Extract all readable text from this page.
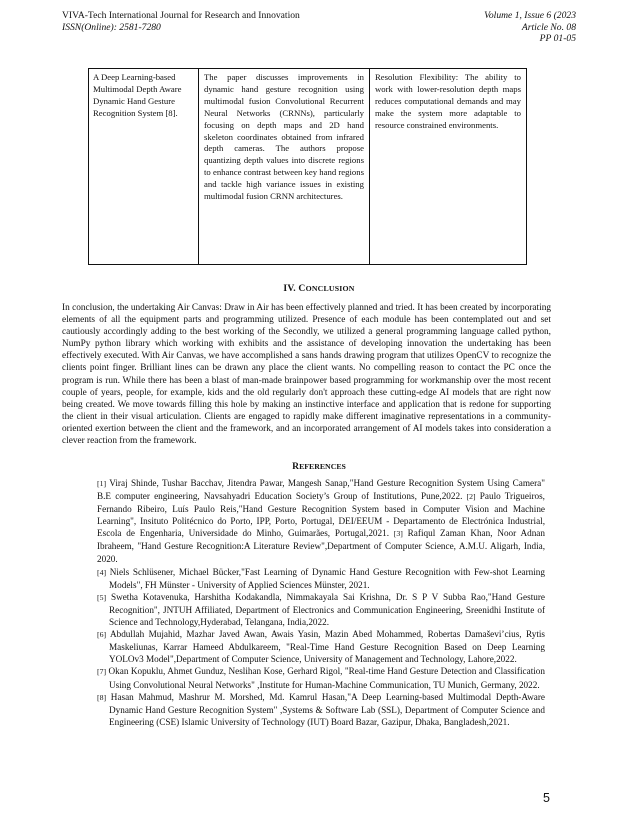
VIVA-Tech International Journal for Research and Innovation
ISSN(Online): 2581-7280
Volume 1, Issue 6 (2023
Article No. 08
PP 01-05
A Deep Learning-based Multimodal Depth Aware Dynamic Hand Gesture Recognition System [8].	The paper discusses improvements in dynamic hand gesture recognition using multimodal fusion Convolutional Recurrent Neural Networks (CRNNs), particularly focusing on depth maps and 2D hand skeleton coordinates obtained from infrared depth cameras. The authors propose quantizing depth values into discrete regions to enhance contrast between key hand regions and tackle high variance issues in existing multimodal fusion CRNN architectures.	Resolution Flexibility: The ability to work with lower-resolution depth maps reduces computational demands and may make the system more adaptable to resource constrained environments.
IV. CONCLUSION
In conclusion, the undertaking Air Canvas: Draw in Air has been effectively planned and tried. It has been created by incorporating elements of all the equipment parts and programming utilized. Presence of each module has been contemplated out and set cautiously accordingly adding to the best working of the Secondly, we utilized a general programming language called python, NumPy python library which working with exhibits and the assistance of developing innovation the undertaking has been effectively executed. With Air Canvas, we have accomplished a sans hands drawing program that utilizes OpenCV to recognize the clients point finger. Brilliant lines can be drawn any place the client wants. No compelling reason to contact the PC once the program is run. While there has been a blast of man-made brainpower based programming for workmanship over the most recent couple of years, people, for example, kids and the old regularly don't approach these cutting-edge AI models that are right now being created. We move towards filling this hole by making an instinctive interface and application that is redone for supporting the client in their visual articulation. Clients are engaged to rapidly make different imaginative representations in a community-oriented exertion between the client and the framework, and an incorporated arrangement of AI models takes into consideration a clever reaction from the framework.
REFERENCES

[1] Viraj Shinde, Tushar Bacchav, Jitendra Pawar, Mangesh Sanap,"Hand Gesture Recognition System Using Camera" B.E computer engineering, Navsahyadri Education Society’s Group of Institutions, Pune,2022. [2] Paulo Trigueiros, Fernando Ribeiro, Luís Paulo Reis,"Hand Gesture Recognition System based in Computer Vision and Machine Learning", Insituto Politécnico do Porto, IPP, Porto, Portugal, DEI/EEUM - Departamento de Electrónica Industrial, Escola de Engenharia, Universidade do Minho, Guimarães, Portugal,2021. [3] Rafiqul Zaman Khan, Noor Adnan Ibraheem, "Hand Gesture Recognition:A Literature Review",Department of Computer Science, A.M.U. Aligarh, India, 2020.

[4] Niels Schlüsener, Michael Bücker,"Fast Learning of Dynamic Hand Gesture Recognition with Few-shot Learning Models", FH Münster - University of Applied Sciences Münster, 2021.

[5] Swetha Kotavenuka, Harshitha Kodakandla, Nimmakayala Sai Krishna, Dr. S P V Subba Rao,"Hand Gesture Recognition", JNTUH Affiliated, Department of Electronics and Communication Engineering, Sreenidhi Institute of Science and Technology,Hyderabad, Telangana, India,2022.

[6] Abdullah Mujahid, Mazhar Javed Awan, Awais Yasin, Mazin Abed Mohammed, Robertas Damaševi’cius, Rytis Maskeliunas, Karrar Hameed Abdulkareem, "Real-Time Hand Gesture Recognition Based on Deep Learning YOLOv3 Model",Department of Computer Science, University of Management and Technology, Lahore,2022.

[7] Okan Kopuklu, Ahmet Gunduz, Neslihan Kose, Gerhard Rigol, "Real-time Hand Gesture Detection and Classification Using Convolutional Neural Networks" ,Institute for Human-Machine Communication, TU Munich, Germany, 2022.

[8] Hasan Mahmud, Mashrur M. Morshed, Md. Kamrul Hasan,"A Deep Learning-based Multimodal Depth-Aware Dynamic Hand Gesture Recognition System" ,Systems & Software Lab (SSL), Department of Computer Science and Engineering (CSE) Islamic University of Technology (IUT) Board Bazar, Gazipur, Dhaka, Bangladesh,2021.

5
